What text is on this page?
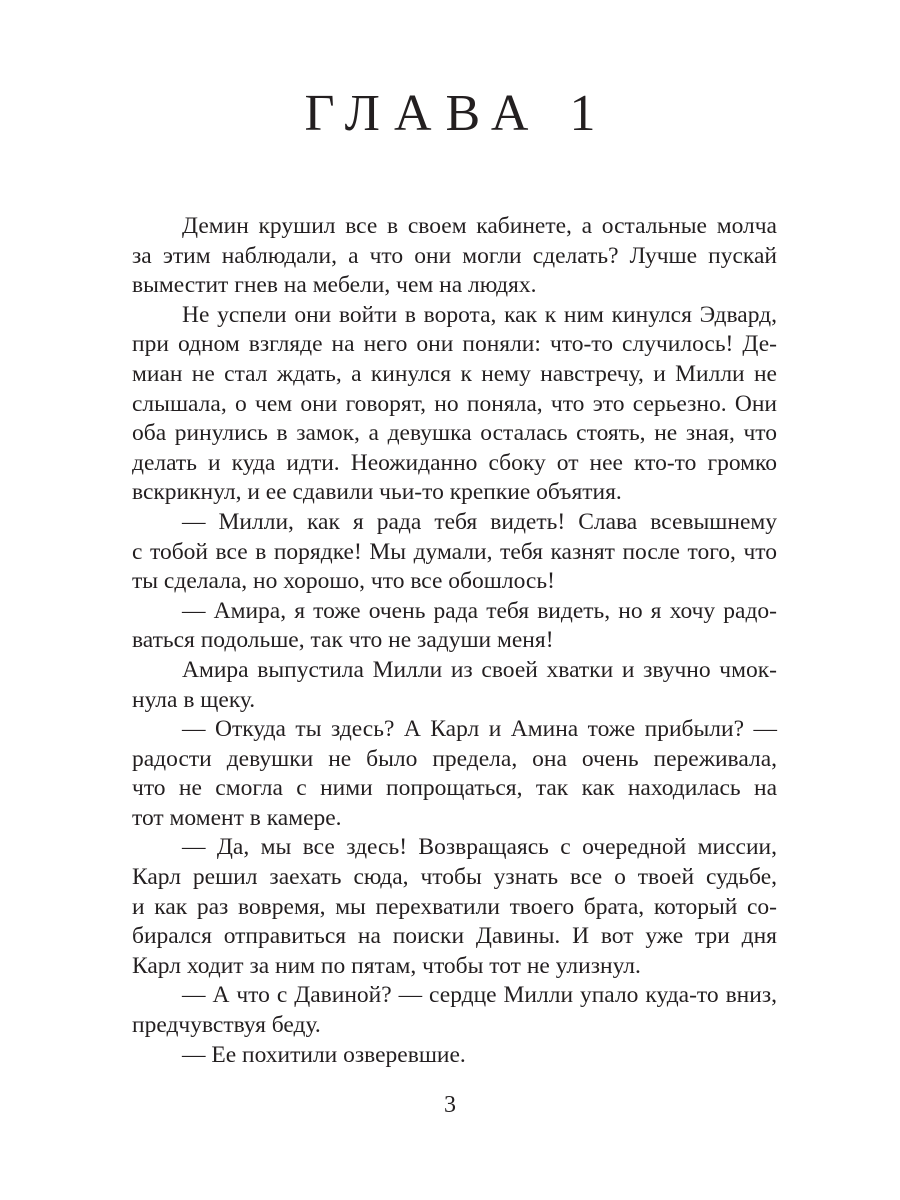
ГЛАВА 1
Демин крушил все в своем кабинете, а остальные молча
за этим наблюдали, а что они могли сделать? Лучше пускай
выместит гнев на мебели, чем на людях.
Не успели они войти в ворота, как к ним кинулся Эдвард,
при одном взгляде на него они поняли: что-то случилось! Де-
миан не стал ждать, а кинулся к нему навстречу, и Милли не
слышала, о чем они говорят, но поняла, что это серьезно. Они
оба ринулись в замок, а девушка осталась стоять, не зная, что
делать и куда идти. Неожиданно сбоку от нее кто-то громко
вскрикнул, и ее сдавили чьи-то крепкие объятия.
— Милли, как я рада тебя видеть! Слава всевышнему
с тобой все в порядке! Мы думали, тебя казнят после того, что
ты сделала, но хорошо, что все обошлось!
— Амира, я тоже очень рада тебя видеть, но я хочу радо-
ваться подольше, так что не задуши меня!
Амира выпустила Милли из своей хватки и звучно чмок-
нула в щеку.
— Откуда ты здесь? А Карл и Амина тоже прибыли? —
радости девушки не было предела, она очень переживала,
что не смогла с ними попрощаться, так как находилась на
тот момент в камере.
— Да, мы все здесь! Возвращаясь с очередной миссии,
Карл решил заехать сюда, чтобы узнать все о твоей судьбе,
и как раз вовремя, мы перехватили твоего брата, который со-
бирался отправиться на поиски Давины. И вот уже три дня
Карл ходит за ним по пятам, чтобы тот не улизнул.
— А что с Давиной? — сердце Милли упало куда-то вниз,
предчувствуя беду.
— Ее похитили озверевшие.
3
